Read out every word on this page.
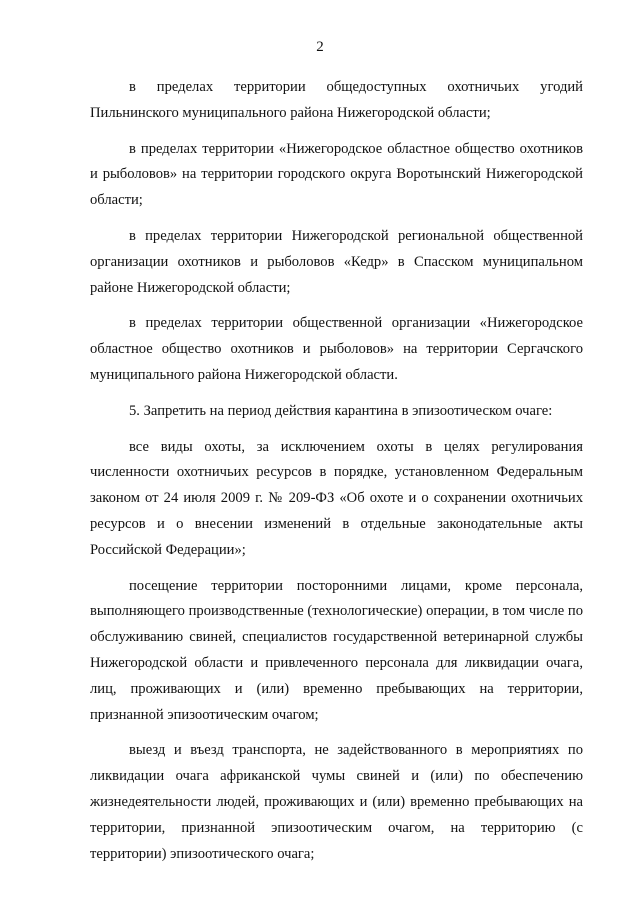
2

в пределах территории общедоступных охотничьих угодий Пильнинского муниципального района Нижегородской области;

в пределах территории «Нижегородское областное общество охотников и рыболовов» на территории городского округа Воротынский Нижегородской области;

в пределах территории Нижегородской региональной общественной организации охотников и рыболовов «Кедр» в Спасском муниципальном районе Нижегородской области;

в пределах территории общественной организации «Нижегородское областное общество охотников и рыболовов» на территории Сергачского муниципального района Нижегородской области.

5. Запретить на период действия карантина в эпизоотическом очаге:

все виды охоты, за исключением охоты в целях регулирования численности охотничьих ресурсов в порядке, установленном Федеральным законом от 24 июля 2009 г. № 209-ФЗ «Об охоте и о сохранении охотничьих ресурсов и о внесении изменений в отдельные законодательные акты Российской Федерации»;

посещение территории посторонними лицами, кроме персонала, выполняющего производственные (технологические) операции, в том числе по обслуживанию свиней, специалистов государственной ветеринарной службы Нижегородской области и привлеченного персонала для ликвидации очага, лиц, проживающих и (или) временно пребывающих на территории, признанной эпизоотическим очагом;

выезд и въезд транспорта, не задействованного в мероприятиях по ликвидации очага африканской чумы свиней и (или) по обеспечению жизнедеятельности людей, проживающих и (или) временно пребывающих на территории, признанной эпизоотическим очагом, на территорию (с территории) эпизоотического очага;
